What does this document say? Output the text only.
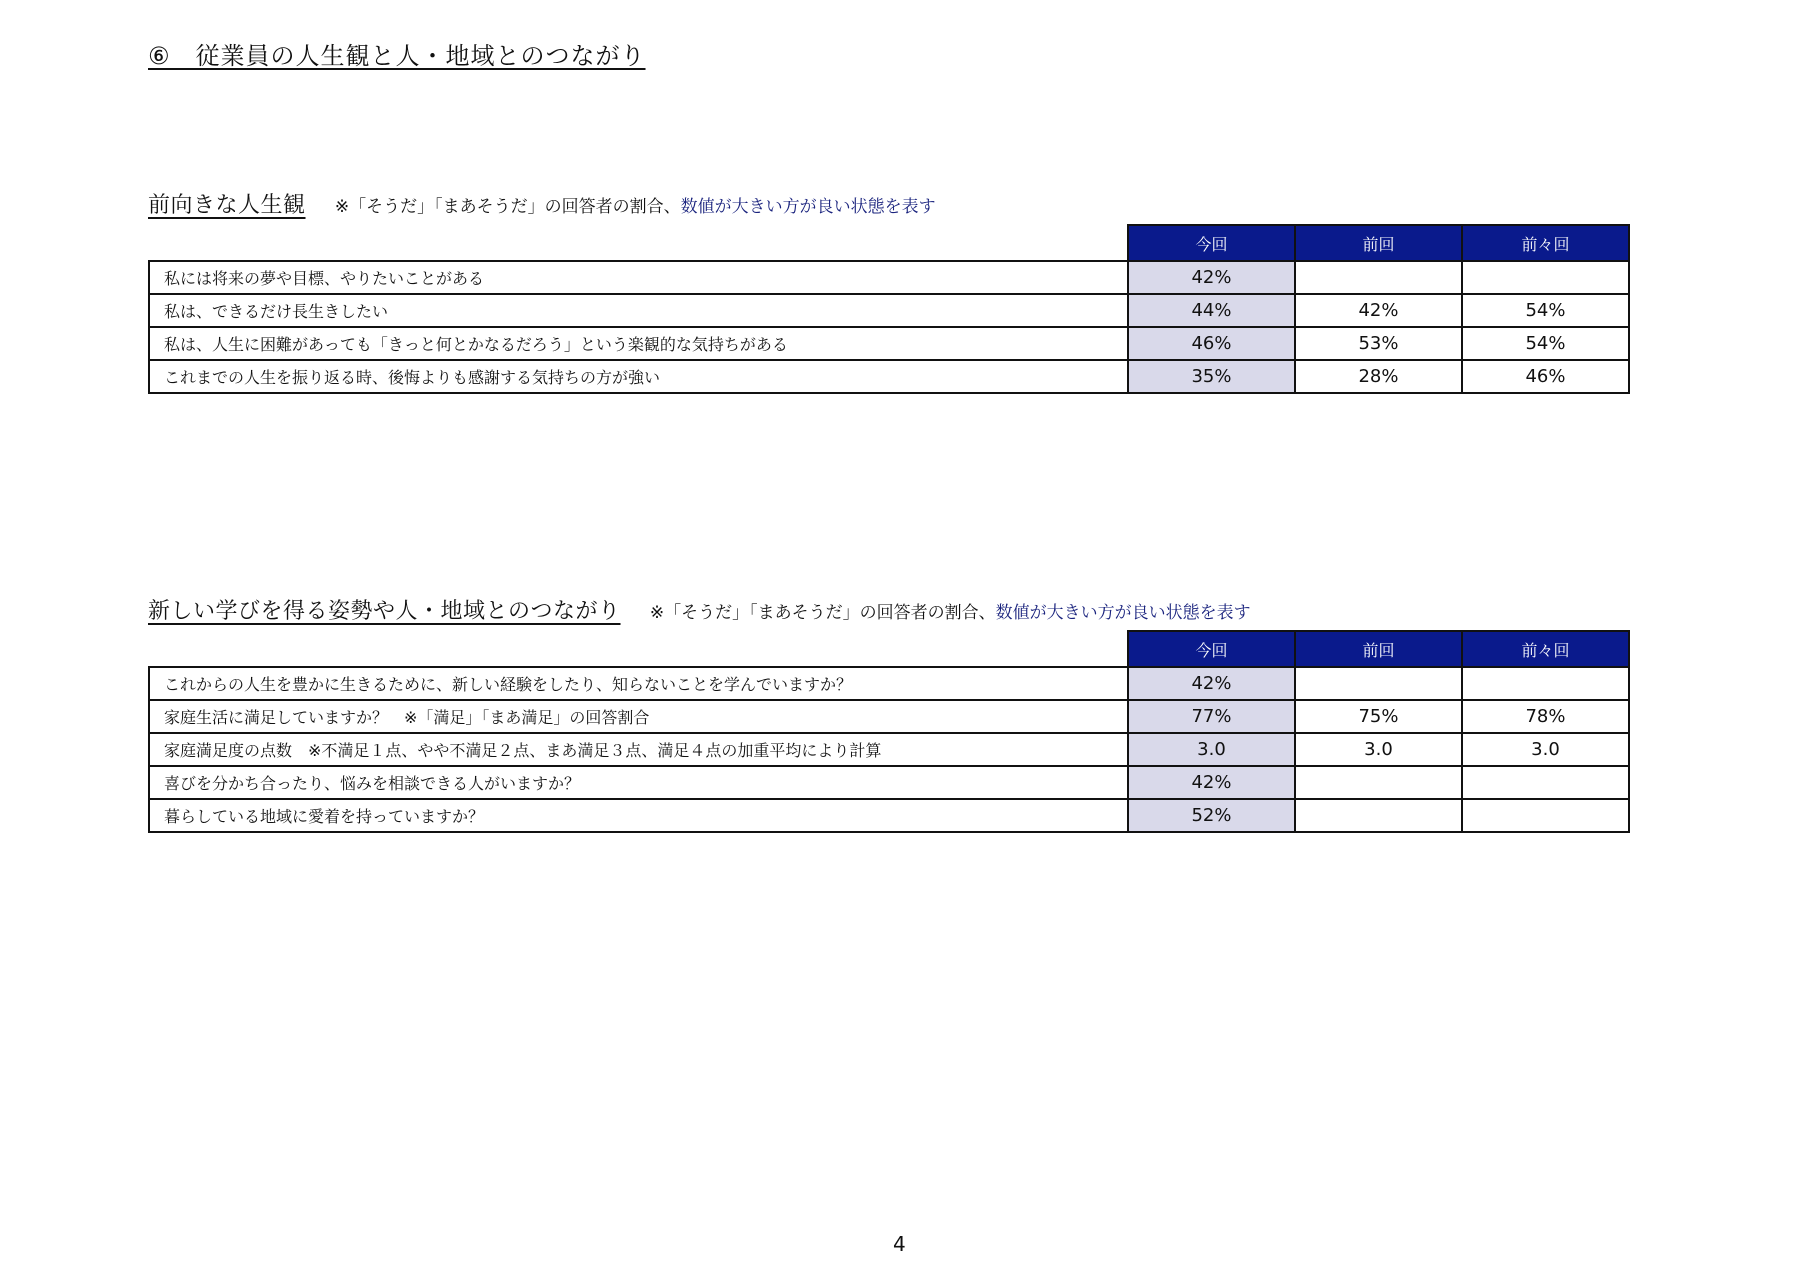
⑥　従業員の人生観と人・地域とのつながり
前向きな人生観 ※「そうだ」「まあそうだ」の回答者の割合、数値が大きい方が良い状態を表す
	今回	前回	前々回
私には将来の夢や目標、やりたいことがある	42%		
私は、できるだけ長生きしたい	44%	42%	54%
私は、人生に困難があっても「きっと何とかなるだろう」という楽観的な気持ちがある	46%	53%	54%
これまでの人生を振り返る時、後悔よりも感謝する気持ちの方が強い	35%	28%	46%
新しい学びを得る姿勢や人・地域とのつながり ※「そうだ」「まあそうだ」の回答者の割合、数値が大きい方が良い状態を表す
	今回	前回	前々回
これからの人生を豊かに生きるために、新しい経験をしたり、知らないことを学んでいますか？	42%		
家庭生活に満足していますか？　※「満足」「まあ満足」の回答割合	77%	75%	78%
家庭満足度の点数　※不満足１点、やや不満足２点、まあ満足３点、満足４点の加重平均により計算	3.0	3.0	3.0
喜びを分かち合ったり、悩みを相談できる人がいますか？	42%		
暮らしている地域に愛着を持っていますか？	52%		
4
